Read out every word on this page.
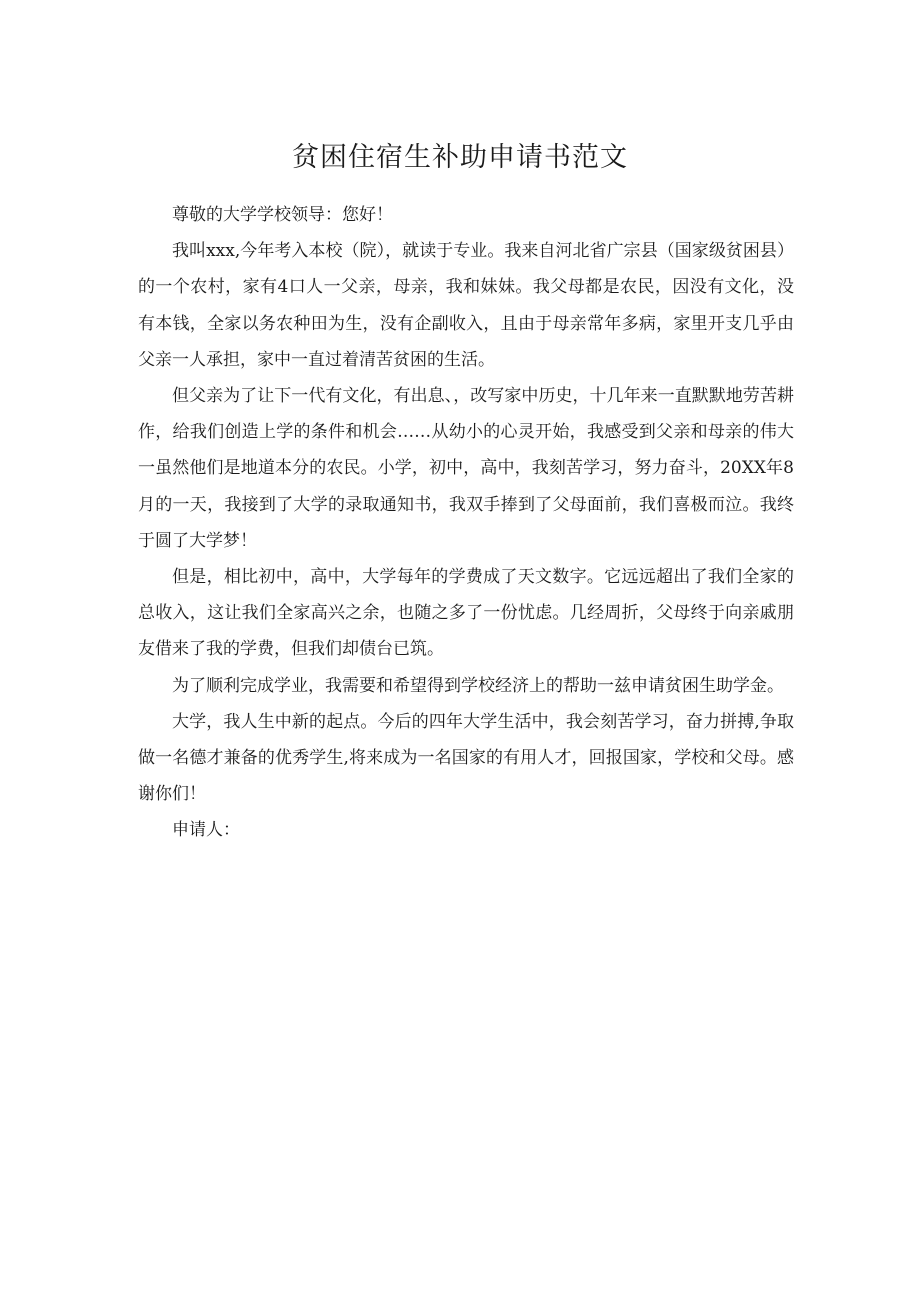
贫困住宿生补助申请书范文

尊敬的大学学校领导：您好！

我叫xxx,今年考入本校（院），就读于专业。我来自河北省广宗县（国家级贫困县）的一个农村，家有4口人一父亲，母亲，我和妹妹。我父母都是农民，因没有文化，没有本钱，全家以务农种田为生，没有企副收入，且由于母亲常年多病，家里开支几乎由父亲一人承担，家中一直过着清苦贫困的生活。

但父亲为了让下一代有文化，有出息、，改写家中历史，十几年来一直默默地劳苦耕作，给我们创造上学的条件和机会……从幼小的心灵开始，我感受到父亲和母亲的伟大一虽然他们是地道本分的农民。小学，初中，高中，我刻苦学习，努力奋斗，20XX年8月的一天，我接到了大学的录取通知书，我双手捧到了父母面前，我们喜极而泣。我终于圆了大学梦！

但是，相比初中，高中，大学每年的学费成了天文数字。它远远超出了我们全家的总收入，这让我们全家高兴之余，也随之多了一份忧虑。几经周折，父母终于向亲戚朋友借来了我的学费，但我们却债台已筑。

为了顺利完成学业，我需要和希望得到学校经济上的帮助一兹申请贫困生助学金。

大学，我人生中新的起点。今后的四年大学生活中，我会刻苦学习，奋力拼搏,争取做一名德才兼备的优秀学生,将来成为一名国家的有用人才，回报国家，学校和父母。感谢你们！

申请人：
